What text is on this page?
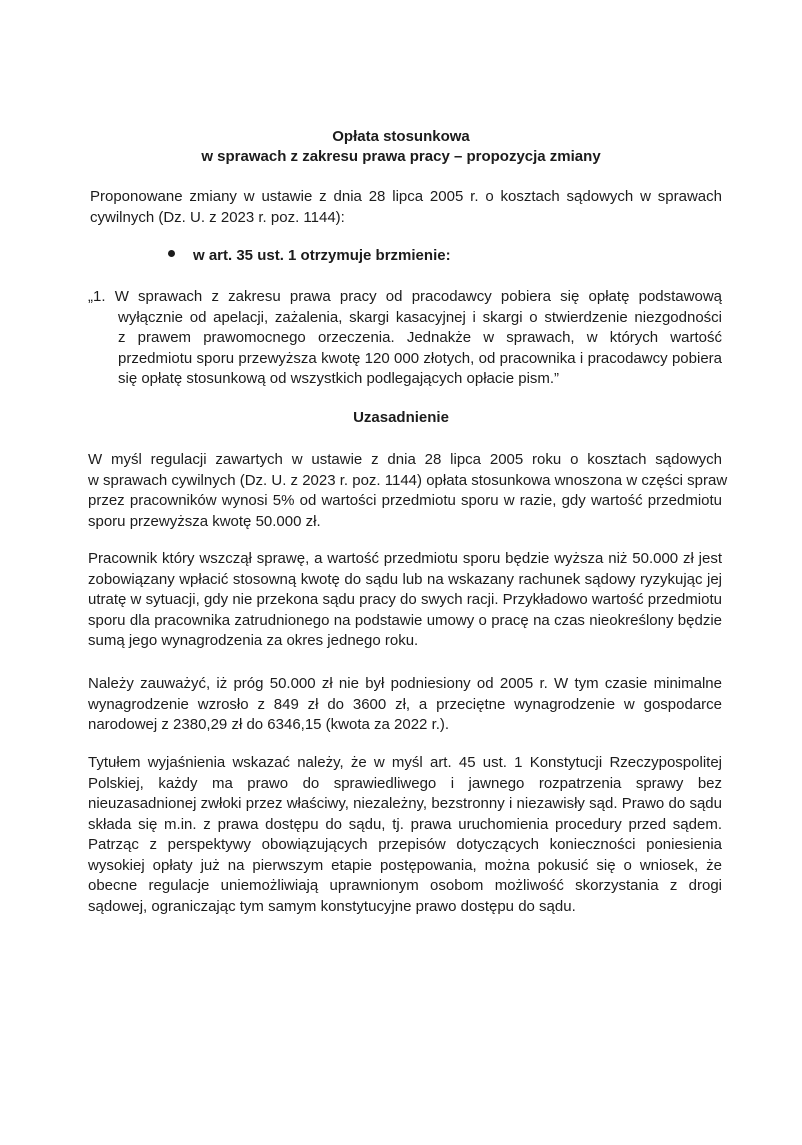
Opłata stosunkowa
w sprawach z zakresu prawa pracy – propozycja zmiany
Proponowane zmiany w ustawie z dnia 28 lipca 2005 r. o kosztach sądowych w sprawach
cywilnych (Dz. U. z 2023 r. poz. 1144):
w art. 35 ust. 1 otrzymuje brzmienie:
„1. W sprawach z zakresu prawa pracy od pracodawcy pobiera się opłatę podstawową
wyłącznie od apelacji, zażalenia, skargi kasacyjnej i skargi o stwierdzenie niezgodności
z prawem prawomocnego orzeczenia. Jednakże w sprawach, w których wartość
przedmiotu sporu przewyższa kwotę 120 000 złotych, od pracownika i pracodawcy pobiera
się opłatę stosunkową od wszystkich podlegających opłacie pism.”
Uzasadnienie
W myśl regulacji zawartych w ustawie z dnia 28 lipca 2005 roku o kosztach sądowych
w sprawach cywilnych (Dz. U. z 2023 r. poz. 1144) opłata stosunkowa wnoszona w części spraw
przez pracowników wynosi 5% od wartości przedmiotu sporu w razie, gdy wartość przedmiotu
sporu przewyższa kwotę 50.000 zł.
Pracownik który wszczął sprawę, a wartość przedmiotu sporu będzie wyższa niż 50.000 zł jest
zobowiązany wpłacić stosowną kwotę do sądu lub na wskazany rachunek sądowy ryzykując jej
utratę w sytuacji, gdy nie przekona sądu pracy do swych racji. Przykładowo wartość przedmiotu
sporu dla pracownika zatrudnionego na podstawie umowy o pracę na czas nieokreślony będzie
sumą jego wynagrodzenia za okres jednego roku.
Należy zauważyć, iż próg 50.000 zł nie był podniesiony od 2005 r. W tym czasie minimalne
wynagrodzenie wzrosło z 849 zł do 3600 zł, a przeciętne wynagrodzenie w gospodarce
narodowej z 2380,29 zł do 6346,15 (kwota za 2022 r.).
Tytułem wyjaśnienia wskazać należy, że w myśl art. 45 ust. 1 Konstytucji Rzeczypospolitej
Polskiej, każdy ma prawo do sprawiedliwego i jawnego rozpatrzenia sprawy bez
nieuzasadnionej zwłoki przez właściwy, niezależny, bezstronny i niezawisły sąd. Prawo do sądu
składa się m.in. z prawa dostępu do sądu, tj. prawa uruchomienia procedury przed sądem.
Patrząc z perspektywy obowiązujących przepisów dotyczących konieczności poniesienia
wysokiej opłaty już na pierwszym etapie postępowania, można pokusić się o wniosek, że
obecne regulacje uniemożliwiają uprawnionym osobom możliwość skorzystania z drogi
sądowej, ograniczając tym samym konstytucyjne prawo dostępu do sądu.
